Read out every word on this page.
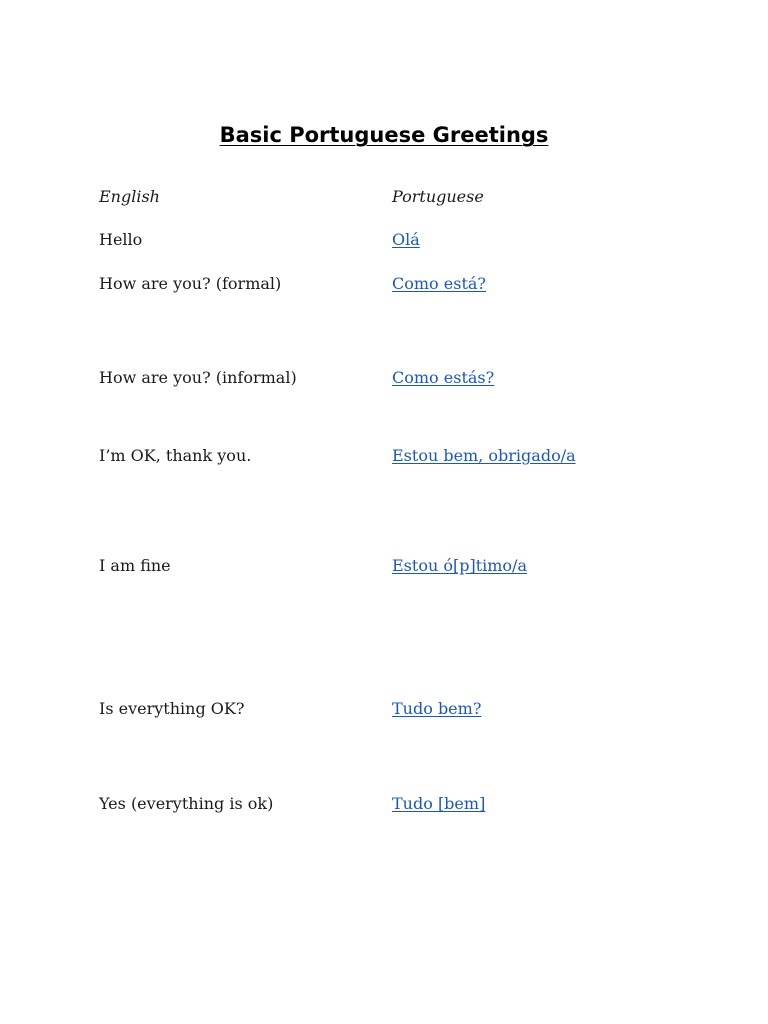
Basic Portuguese Greetings
English	Portuguese
Hello	Olá
How are you? (formal)	Como está?
How are you? (informal)	Como estás?
I’m OK, thank you.	Estou bem, obrigado/a
I am fine	Estou ó[p]timo/a
Is everything OK?	Tudo bem?
Yes (everything is ok)	Tudo [bem]
